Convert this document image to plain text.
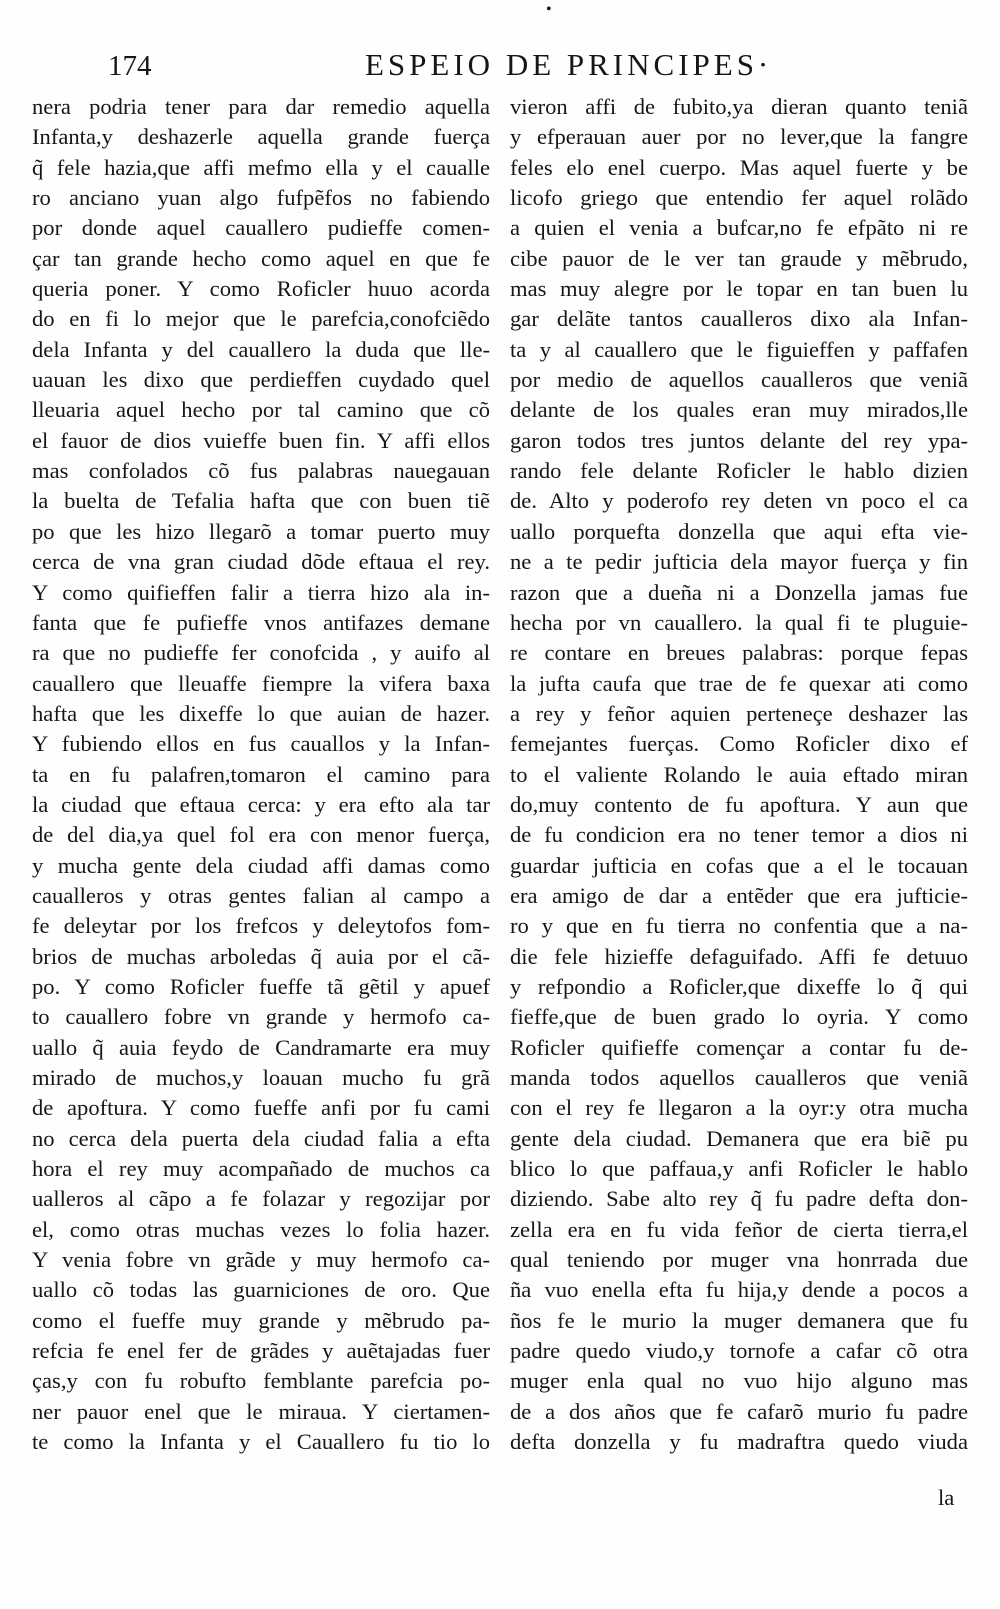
•
174	ESPEIO DE PRINCIPES·
nera podria tener para dar remedio aquella
Infanta,y deshazerle aquella grande fuerça
q̃ fele hazia,que affi mefmo ella y el caualle
ro anciano yuan algo fufpẽfos no fabiendo
por donde aquel cauallero pudieffe comen-
çar tan grande hecho como aquel en que fe
queria poner. Y como Roficler huuo acorda
do en fi lo mejor que le parefcia,conofciẽdo
dela Infanta y del cauallero la duda que lle-
uauan les dixo que perdieffen cuydado quel
lleuaria aquel hecho por tal camino que cõ
el fauor de dios vuieffe buen fin. Y affi ellos
mas confolados cõ fus palabras nauegauan
la buelta de Tefalia hafta que con buen tiẽ
po que les hizo llegarõ a tomar puerto muy
cerca de vna gran ciudad dõde eftaua el rey.
Y como quifieffen falir a tierra hizo ala in-
fanta que fe pufieffe vnos antifazes demane
ra que no pudieffe fer conofcida , y auifo al
cauallero que lleuaffe fiempre la vifera baxa
hafta que les dixeffe lo que auian de hazer.
Y fubiendo ellos en fus cauallos y la Infan-
ta en fu palafren,tomaron el camino para
la ciudad que eftaua cerca: y era efto ala tar
de del dia,ya quel fol era con menor fuerça,
y mucha gente dela ciudad affi damas como
caualleros y otras gentes falian al campo a
fe deleytar por los frefcos y deleytofos fom-
brios de muchas arboledas q̃ auia por el cã-
po. Y como Roficler fueffe tã gẽtil y apuef
to cauallero fobre vn grande y hermofo ca-
uallo q̃ auia feydo de Candramarte era muy
mirado de muchos,y loauan mucho fu grã
de apoftura. Y como fueffe anfi por fu cami
no cerca dela puerta dela ciudad falia a efta
hora el rey muy acompañado de muchos ca
ualleros al cãpo a fe folazar y regozijar por
el, como otras muchas vezes lo folia hazer.
Y venia fobre vn grãde y muy hermofo ca-
uallo cõ todas las guarniciones de oro. Que
como el fueffe muy grande y mẽbrudo pa-
refcia fe enel fer de grãdes y auẽtajadas fuer
ças,y con fu robufto femblante parefcia po-
ner pauor enel que le miraua. Y ciertamen-
te como la Infanta y el Cauallero fu tio lo
vieron affi de fubito,ya dieran quanto teniã
y efperauan auer por no lever,que la fangre
feles elo enel cuerpo. Mas aquel fuerte y be
licofo griego que entendio fer aquel rolãdo
a quien el venia a bufcar,no fe efpãto ni re
cibe pauor de le ver tan graude y mẽbrudo,
mas muy alegre por le topar en tan buen lu
gar delãte tantos caualleros dixo ala Infan-
ta y al cauallero que le figuieffen y paffafen
por medio de aquellos caualleros que veniã
delante de los quales eran muy mirados,lle
garon todos tres juntos delante del rey ypa-
rando fele delante Roficler le hablo dizien
de. Alto y poderofo rey deten vn poco el ca
uallo porquefta donzella que aqui efta vie-
ne a te pedir jufticia dela mayor fuerça y fin
razon que a dueña ni a Donzella jamas fue
hecha por vn cauallero. la qual fi te pluguie-
re contare en breues palabras: porque fepas
la jufta caufa que trae de fe quexar ati como
a rey y feñor aquien perteneçe deshazer las
femejantes fuerças. Como Roficler dixo ef
to el valiente Rolando le auia eftado miran
do,muy contento de fu apoftura. Y aun que
de fu condicion era no tener temor a dios ni
guardar jufticia en cofas que a el le tocauan
era amigo de dar a entẽder que era jufticie-
ro y que en fu tierra no confentia que a na-
die fele hizieffe defaguifado. Affi fe detuuo
y refpondio a Roficler,que dixeffe lo q̃ qui
fieffe,que de buen grado lo oyria. Y como
Roficler quifieffe començar a contar fu de-
manda todos aquellos caualleros que veniã
con el rey fe llegaron a la oyr:y otra mucha
gente dela ciudad. Demanera que era biẽ pu
blico lo que paffaua,y anfi Roficler le hablo
diziendo. Sabe alto rey q̃ fu padre defta don-
zella era en fu vida feñor de cierta tierra,el
qual teniendo por muger vna honrrada due
ña vuo enella efta fu hija,y dende a pocos a
ños fe le murio la muger demanera que fu
padre quedo viudo,y tornofe a cafar cõ otra
muger enla qual no vuo hijo alguno mas
de a dos años que fe cafarõ murio fu padre
defta donzella y fu madraftra quedo viuda
la
